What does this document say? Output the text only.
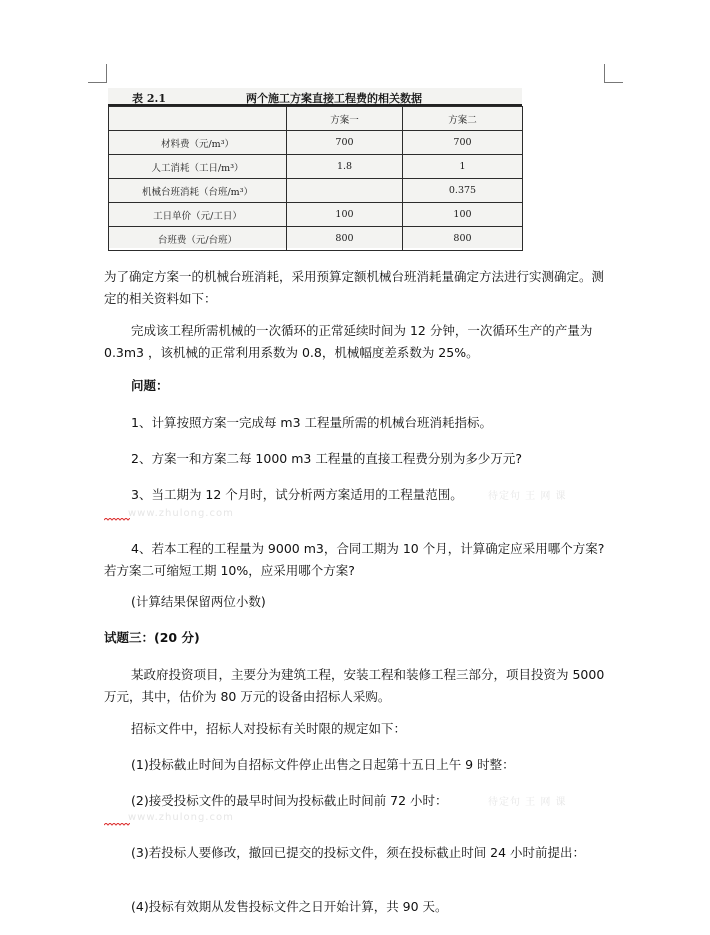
表 2.1	两个施工方案直接工程费的相关数据
	方案一	方案二
材料费（元/m³）	700	700
人工消耗（工日/m³）	1.8	1
机械台班消耗（台班/m³）		0.375
工日单价（元/工日）	100	100
台班费（元/台班）	800	800
为了确定方案一的机械台班消耗，采用预算定额机械台班消耗量确定方法进行实测确定。测定的相关资料如下：
完成该工程所需机械的一次循环的正常延续时间为 12 分钟，一次循环生产的产量为 0.3m3 ，该机械的正常利用系数为 0.8，机械幅度差系数为 25%。
问题：
1、计算按照方案一完成每 m3 工程量所需的机械台班消耗指标。
2、方案一和方案二每 1000 m3 工程量的直接工程费分别为多少万元?
3、当工期为 12 个月时，试分析两方案适用的工程量范围。	待定句 王 网 课
www.zhulong.com
4、若本工程的工程量为 9000 m3，合同工期为 10 个月，计算确定应采用哪个方案?若方案二可缩短工期 10%，应采用哪个方案?
(计算结果保留两位小数)
试题三：(20 分)
某政府投资项目，主要分为建筑工程，安装工程和装修工程三部分，项目投资为 5000 万元，其中，估价为 80 万元的设备由招标人采购。
招标文件中，招标人对投标有关时限的规定如下：
(1)投标截止时间为自招标文件停止出售之日起第十五日上午 9 时整：
(2)接受投标文件的最早时间为投标截止时间前 72 小时：	待定句 王 网 课
www.zhulong.com
(3)若投标人要修改，撤回已提交的投标文件，须在投标截止时间 24 小时前提出：
(4)投标有效期从发售投标文件之日开始计算，共 90 天。
